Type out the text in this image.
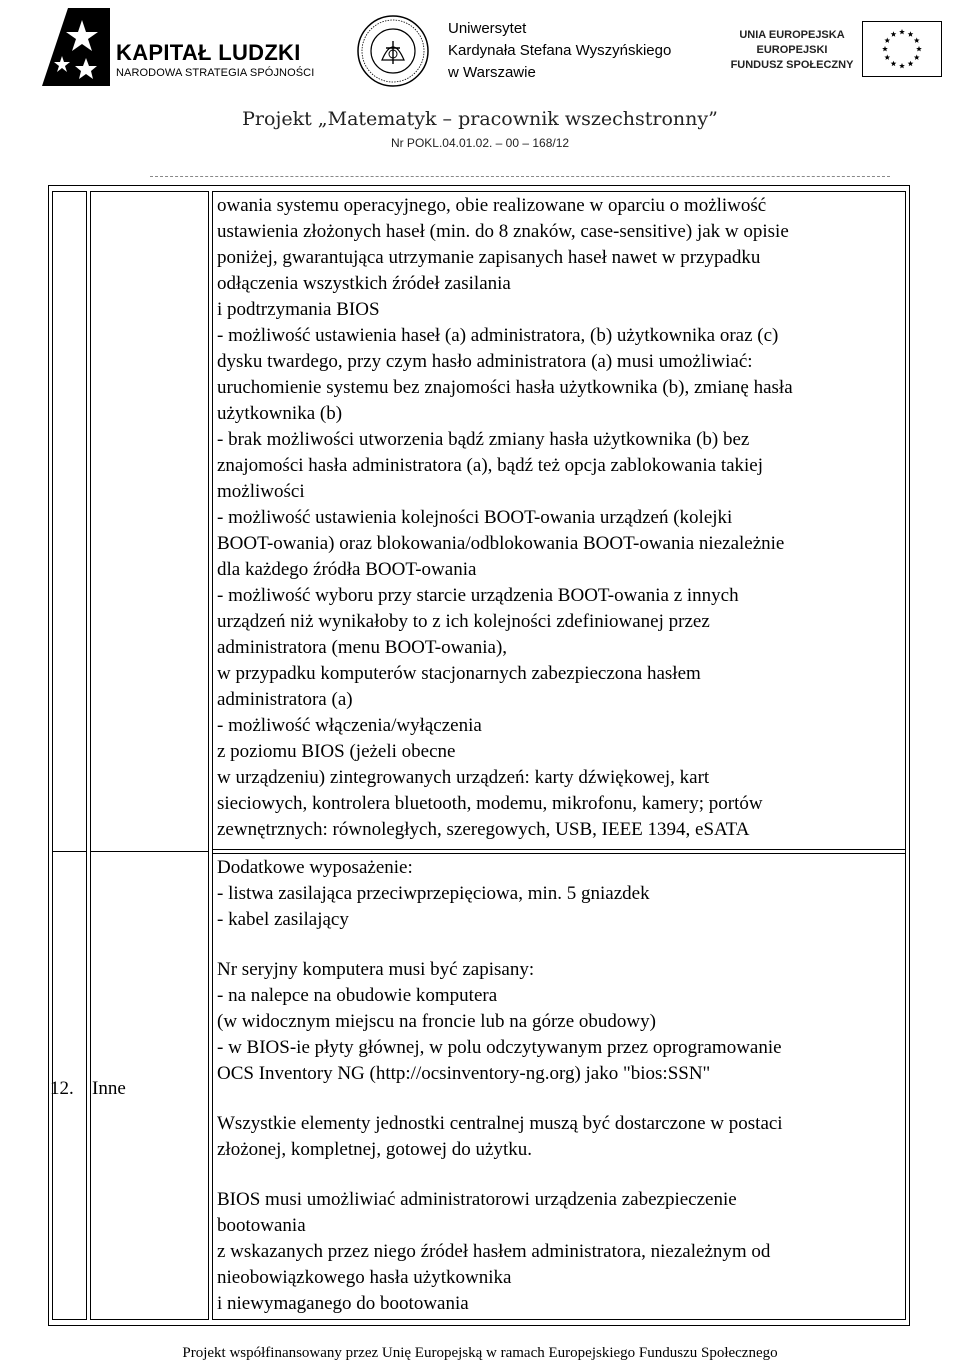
KAPITAŁ LUDZKI
NARODOWA STRATEGIA SPÓJNOŚCI
Uniwersytet
Kardynała Stefana Wyszyńskiego
w Warszawie
UNIA EUROPEJSKA
EUROPEJSKI
FUNDUSZ SPOŁECZNY
Projekt „Matematyk – pracownik wszechstronny”
Nr POKL.04.01.02. – 00 – 168/12
12. Inne
owania systemu operacyjnego, obie realizowane w oparciu o możliwość
ustawienia złożonych haseł (min. do 8 znaków, case-sensitive) jak w opisie
poniżej, gwarantująca utrzymanie zapisanych haseł nawet w przypadku
odłączenia wszystkich źródeł zasilania
i podtrzymania BIOS
- możliwość ustawienia haseł (a) administratora, (b) użytkownika oraz (c)
dysku twardego, przy czym hasło administratora (a) musi umożliwiać:
uruchomienie systemu bez znajomości hasła użytkownika (b), zmianę hasła
użytkownika (b)
- brak możliwości utworzenia bądź zmiany hasła użytkownika (b) bez
znajomości hasła administratora (a), bądź też opcja zablokowania takiej
możliwości
- możliwość ustawienia kolejności BOOT-owania urządzeń (kolejki
BOOT-owania) oraz blokowania/odblokowania BOOT-owania niezależnie
dla każdego źródła BOOT-owania
- możliwość wyboru przy starcie urządzenia BOOT-owania z innych
urządzeń niż wynikałoby to z ich kolejności zdefiniowanej przez
administratora (menu BOOT-owania),
w przypadku komputerów stacjonarnych zabezpieczona hasłem
administratora (a)
- możliwość włączenia/wyłączenia
z poziomu BIOS (jeżeli obecne
w urządzeniu) zintegrowanych urządzeń: karty dźwiękowej, kart
sieciowych, kontrolera bluetooth, modemu, mikrofonu, kamery; portów
zewnętrznych: równoległych, szeregowych, USB, IEEE 1394, eSATA
Dodatkowe wyposażenie:
- listwa zasilająca przeciwprzepięciowa, min. 5 gniazdek
- kabel zasilający
Nr seryjny komputera musi być zapisany:
- na nalepce na obudowie komputera
(w widocznym miejscu na froncie lub na górze obudowy)
- w BIOS-ie płyty głównej, w polu odczytywanym przez oprogramowanie
OCS Inventory NG (http://ocsinventory-ng.org) jako "bios:SSN"
Wszystkie elementy jednostki centralnej muszą być dostarczone w postaci
złożonej, kompletnej, gotowej do użytku.
BIOS musi umożliwiać administratorowi urządzenia zabezpieczenie
bootowania
z wskazanych przez niego źródeł hasłem administratora, niezależnym od
nieobowiązkowego hasła użytkownika
i niewymaganego do bootowania
Projekt współfinansowany przez Unię Europejską w ramach Europejskiego Funduszu Społecznego
